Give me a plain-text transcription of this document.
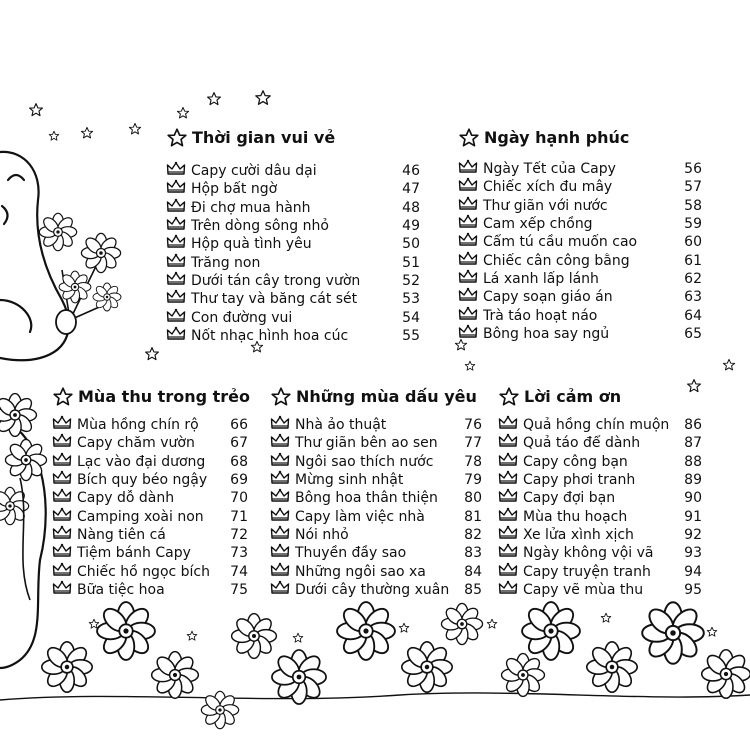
Thời gian vui vẻ
Capy cười dâu dại	46
Hộp bất ngờ	47
Đi chợ mua hành	48
Trên dòng sông nhỏ	49
Hộp quà tình yêu	50
Trăng non	51
Dưới tán cây trong vườn	52
Thư tay và băng cát sét	53
Con đường vui	54
Nốt nhạc hình hoa cúc	55
Ngày hạnh phúc
Ngày Tết của Capy	56
Chiếc xích đu mây	57
Thư giãn với nước	58
Cam xếp chồng	59
Cẩm tú cầu muốn cao	60
Chiếc cân công bằng	61
Lá xanh lấp lánh	62
Capy soạn giáo án	63
Trà táo hoạt náo	64
Bông hoa say ngủ	65
Mùa thu trong trẻo
Mùa hồng chín rộ	66
Capy chăm vườn	67
Lạc vào đại dương	68
Bích quy béo ngậy	69
Capy dỗ dành	70
Camping xoài non	71
Nàng tiên cá	72
Tiệm bánh Capy	73
Chiếc hồ ngọc bích	74
Bữa tiệc hoa	75
Những mùa dấu yêu
Nhà ảo thuật	76
Thư giãn bên ao sen	77
Ngôi sao thích nước	78
Mừng sinh nhật	79
Bông hoa thân thiện	80
Capy làm việc nhà	81
Nói nhỏ	82
Thuyền đầy sao	83
Những ngôi sao xa	84
Dưới cây thường xuân	85
Lời cảm ơn
Quả hồng chín muộn	86
Quả táo để dành	87
Capy công bạn	88
Capy phơi tranh	89
Capy đợi bạn	90
Mùa thu hoạch	91
Xe lửa xình xịch	92
Ngày không vội vã	93
Capy truyện tranh	94
Capy vẽ mùa thu	95
